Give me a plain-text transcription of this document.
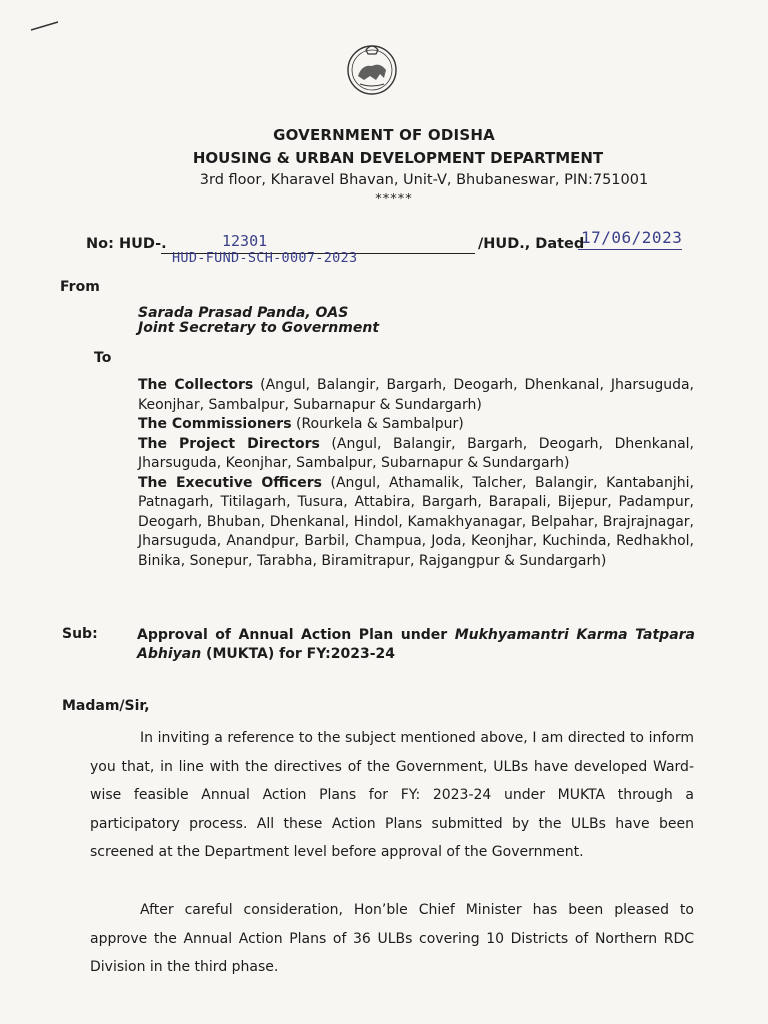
GOVERNMENT OF ODISHA
HOUSING & URBAN DEVELOPMENT DEPARTMENT
3rd floor, Kharavel Bhavan, Unit-V, Bhubaneswar, PIN:751001
*****
No: HUD-.	12301
HUD-FUND-SCH-0007-2023
/HUD., Dated
17/06/2023
From
Sarada Prasad Panda, OAS
Joint Secretary to Government
To

The Collectors (Angul, Balangir, Bargarh, Deogarh, Dhenkanal, Jharsuguda, Keonjhar, Sambalpur, Subarnapur & Sundargarh)

The Commissioners (Rourkela & Sambalpur)

The Project Directors (Angul, Balangir, Bargarh, Deogarh, Dhenkanal, Jharsuguda, Keonjhar, Sambalpur, Subarnapur & Sundargarh)

The Executive Officers (Angul, Athamalik, Talcher, Balangir, Kantabanjhi, Patnagarh, Titilagarh, Tusura, Attabira, Bargarh, Barapali, Bijepur, Padampur, Deogarh, Bhuban, Dhenkanal, Hindol, Kamakhyanagar, Belpahar, Brajrajnagar, Jharsuguda, Anandpur, Barbil, Champua, Joda, Keonjhar, Kuchinda, Redhakhol, Binika, Sonepur, Tarabha, Biramitrapur, Rajgangpur & Sundargarh)

Sub:	Approval of Annual Action Plan under Mukhyamantri Karma Tatpara Abhiyan (MUKTA) for FY:2023-24
Madam/Sir,

In inviting a reference to the subject mentioned above, I am directed to inform you that, in line with the directives of the Government, ULBs have developed Ward-wise feasible Annual Action Plans for FY: 2023-24 under MUKTA through a participatory process. All these Action Plans submitted by the ULBs have been screened at the Department level before approval of the Government.

After careful consideration, Hon’ble Chief Minister has been pleased to approve the Annual Action Plans of 36 ULBs covering 10 Districts of Northern RDC Division in the third phase.
